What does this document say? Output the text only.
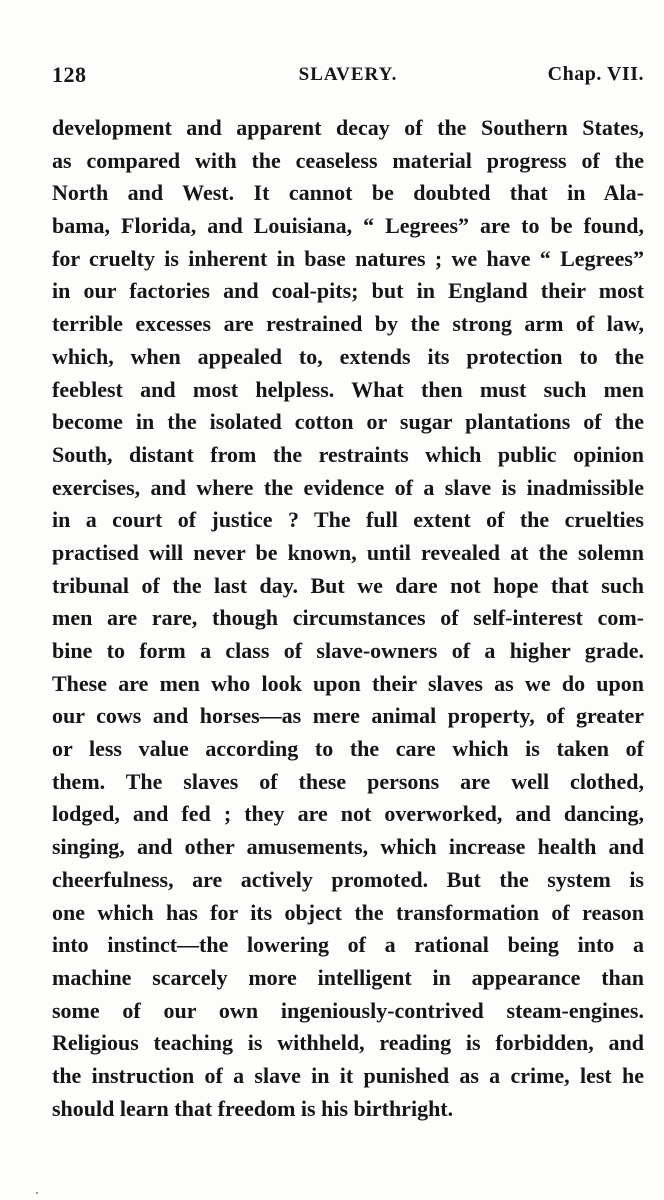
128	SLAVERY.	Chap. VII.
development and apparent decay of the Southern States,
as compared with the ceaseless material progress of the
North and West. It cannot be doubted that in Ala-
bama, Florida, and Louisiana, “ Legrees” are to be found,
for cruelty is inherent in base natures ; we have “ Legrees”
in our factories and coal-pits; but in England their most
terrible excesses are restrained by the strong arm of law,
which, when appealed to, extends its protection to the
feeblest and most helpless. What then must such men
become in the isolated cotton or sugar plantations of the
South, distant from the restraints which public opinion
exercises, and where the evidence of a slave is inadmissible
in a court of justice ? The full extent of the cruelties
practised will never be known, until revealed at the solemn
tribunal of the last day. But we dare not hope that such
men are rare, though circumstances of self-interest com-
bine to form a class of slave-owners of a higher grade.
These are men who look upon their slaves as we do upon
our cows and horses—as mere animal property, of greater
or less value according to the care which is taken of
them. The slaves of these persons are well clothed,
lodged, and fed ; they are not overworked, and dancing,
singing, and other amusements, which increase health and
cheerfulness, are actively promoted. But the system is
one which has for its object the transformation of reason
into instinct—the lowering of a rational being into a
machine scarcely more intelligent in appearance than
some of our own ingeniously-contrived steam-engines.
Religious teaching is withheld, reading is forbidden, and
the instruction of a slave in it punished as a crime, lest he
should learn that freedom is his birthright.
